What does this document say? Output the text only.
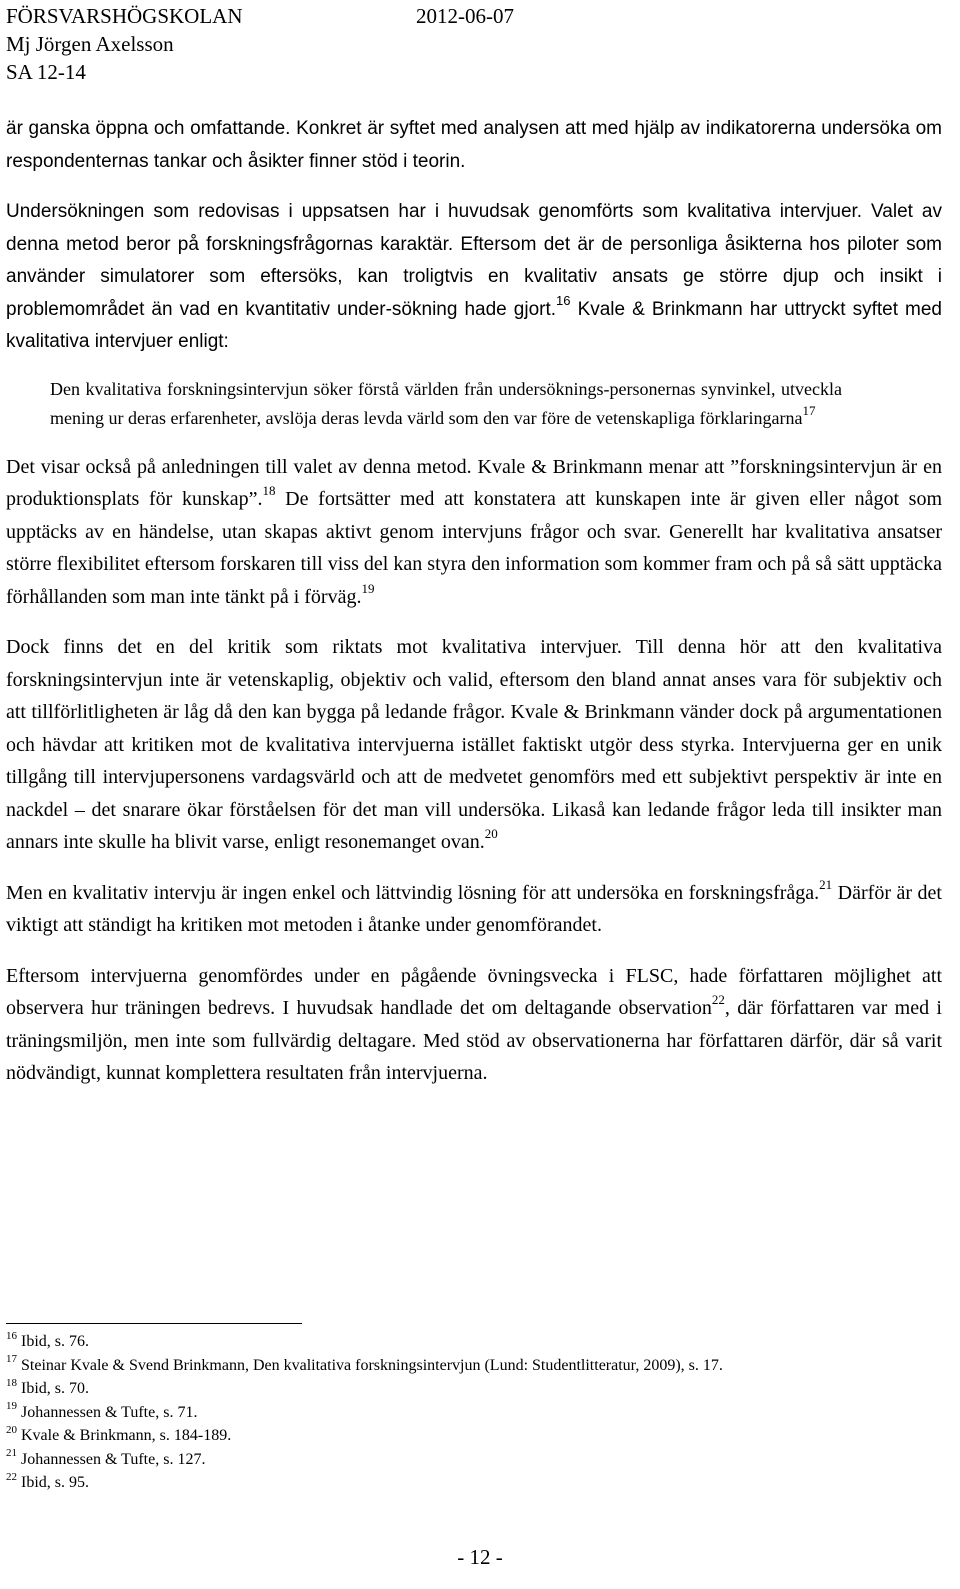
FÖRSVARSHÖGSKOLAN	2012-06-07
Mj Jörgen Axelsson
SA 12-14

är ganska öppna och omfattande. Konkret är syftet med analysen att med hjälp av indikatorerna undersöka om respondenternas tankar och åsikter finner stöd i teorin.

Undersökningen som redovisas i uppsatsen har i huvudsak genomförts som kvalitativa intervjuer. Valet av denna metod beror på forskningsfrågornas karaktär. Eftersom det är de personliga åsikterna hos piloter som använder simulatorer som eftersöks, kan troligtvis en kvalitativ ansats ge större djup och insikt i problemområdet än vad en kvantitativ under-sökning hade gjort.$^{16}$ Kvale & Brinkmann har uttryckt syftet med kvalitativa intervjuer enligt:

Den kvalitativa forskningsintervjun söker förstå världen från undersöknings-personernas synvinkel, utveckla mening ur deras erfarenheter, avslöja deras levda värld som den var före de vetenskapliga förklaringarna$^{17}$

Det visar också på anledningen till valet av denna metod. Kvale & Brinkmann menar att ”forskningsintervjun är en produktionsplats för kunskap”.$^{18}$ De fortsätter med att konstatera att kunskapen inte är given eller något som upptäcks av en händelse, utan skapas aktivt genom intervjuns frågor och svar. Generellt har kvalitativa ansatser större flexibilitet eftersom forskaren till viss del kan styra den information som kommer fram och på så sätt upptäcka förhållanden som man inte tänkt på i förväg.$^{19}$

Dock finns det en del kritik som riktats mot kvalitativa intervjuer. Till denna hör att den kvalitativa forskningsintervjun inte är vetenskaplig, objektiv och valid, eftersom den bland annat anses vara för subjektiv och att tillförlitligheten är låg då den kan bygga på ledande frågor. Kvale & Brinkmann vänder dock på argumentationen och hävdar att kritiken mot de kvalitativa intervjuerna istället faktiskt utgör dess styrka. Intervjuerna ger en unik tillgång till intervjupersonens vardagsvärld och att de medvetet genomförs med ett subjektivt perspektiv är inte en nackdel – det snarare ökar förståelsen för det man vill undersöka. Likaså kan ledande frågor leda till insikter man annars inte skulle ha blivit varse, enligt resonemanget ovan.$^{20}$

Men en kvalitativ intervju är ingen enkel och lättvindig lösning för att undersöka en forskningsfråga.$^{21}$ Därför är det viktigt att ständigt ha kritiken mot metoden i åtanke under genomförandet.

Eftersom intervjuerna genomfördes under en pågående övningsvecka i FLSC, hade författaren möjlighet att observera hur träningen bedrevs. I huvudsak handlade det om deltagande observation$^{22}$, där författaren var med i träningsmiljön, men inte som fullvärdig deltagare. Med stöd av observationerna har författaren därför, där så varit nödvändigt, kunnat komplettera resultaten från intervjuerna.

$^{16}$ Ibid, s. 76.
$^{17}$ Steinar Kvale & Svend Brinkmann, Den kvalitativa forskningsintervjun (Lund: Studentlitteratur, 2009), s. 17.
$^{18}$ Ibid, s. 70.
$^{19}$ Johannessen & Tufte, s. 71.
$^{20}$ Kvale & Brinkmann, s. 184-189.
$^{21}$ Johannessen & Tufte, s. 127.
$^{22}$ Ibid, s. 95.
- 12 -
